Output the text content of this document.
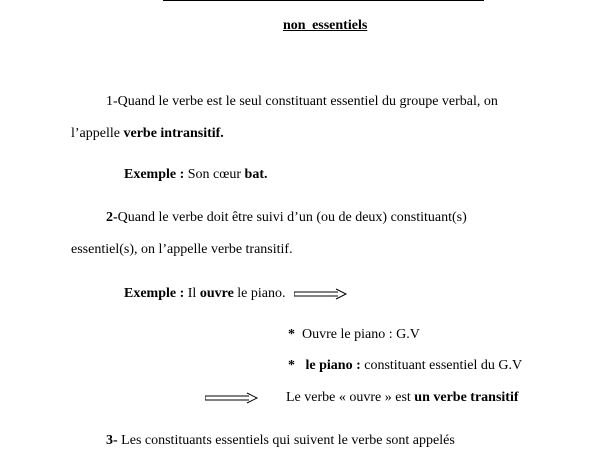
non essentiels
1-Quand le verbe est le seul constituant essentiel du groupe verbal, on
l’appelle verbe intransitif.
Exemple : Son cœur bat.
2-Quand le verbe doit être suivi d’un (ou de deux) constituant(s)
essentiel(s), on l’appelle verbe transitif.
Exemple : Il ouvre le piano.
* Ouvre le piano : G.V
* le piano : constituant essentiel du G.V
Le verbe « ouvre » est un verbe transitif
3- Les constituants essentiels qui suivent le verbe sont appelés
